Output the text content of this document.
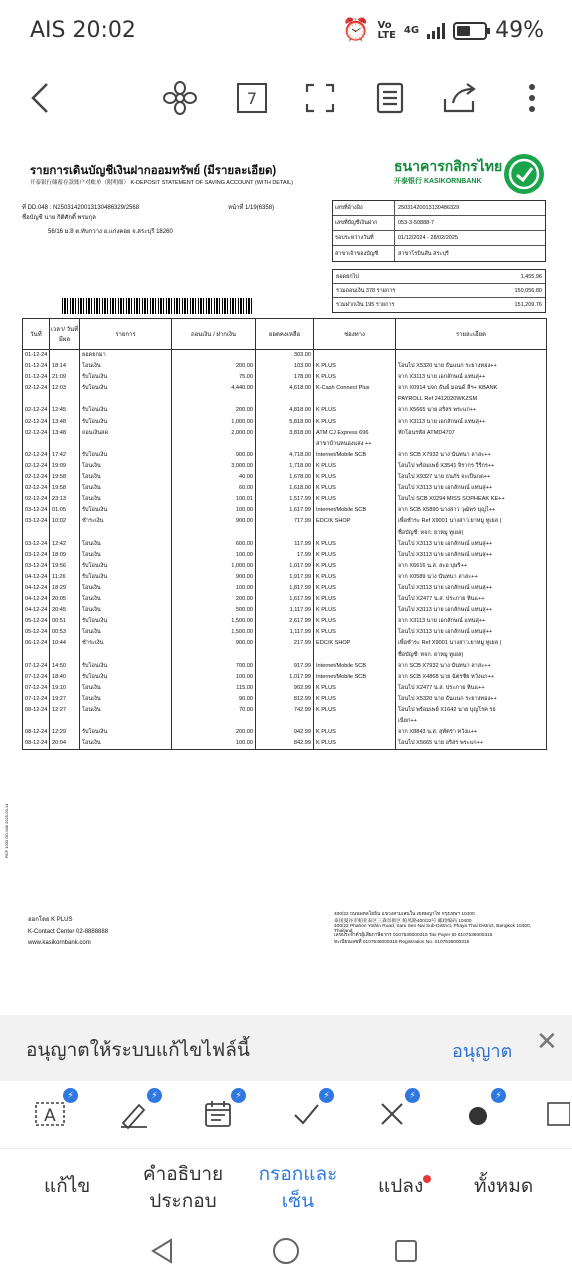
AIS 20:02	⏰ Vo
LTE 4G	49%
7
รายการเดินบัญชีเงินฝากออมทรัพย์ (มีรายละเอียด)
开泰银行储蓄存款账户对账单（附明细） K-DEPOSIT STATEMENT OF SAVING ACCOUNT (WITH DETAIL)
ธนาคารกสิกรไทย
开泰银行 KASIKORNBANK
ที่ DD.048 : N25031420013130486329/2568	หน้าที่ 1/19(6358)
ชื่อบัญชี นาย กิติศักดิ์ พรมกุล
56/16 ม.8 ต.ทับกวาง อ.แก่งคอย จ.สระบุรี 18260
เลขที่อ้างอิง	25031420013130486329
เลขที่บัญชีเงินฝาก	053-3-50888-7
รอบระหว่างวันที่	01/12/2024 - 28/02/2025
สาขาเจ้าของบัญชี	สาขาโรบินสัน สระบุรี
ยอดยกไป	1,455.96
รวมถอนเงิน 378 รายการ	150,056.80
รวมฝากเงิน 195 รายการ	151,209.76
วันที่	เวลา/ วันที่มีผล	รายการ	ถอนเงิน / ฝากเงิน	ยอดคงเหลือ	ช่องทาง	รายละเอียด
01-12-24		ยอดยกมา		303.00		
01-12-24	18:14	โอนเงิน	200.00	103.00	K PLUS	โอนไป X5320 นาย ธันแนก ระยางทอง++
01-12-24	21:09	รับโอนเงิน	75.00	178.00	K PLUS	จาก X3113 นาย เอกลักษณ์ แทนสุ++
02-12-24	12:03	รับโอนเงิน	4,440.00	4,618.00	K-Cash Connect Plus	จาก X0914 บจก.ธันย์ มอนด์ ลีฯ+ KBANK
						PAYROLL Ref 2412020WKZSM
02-12-24	12:45	รับโอนเงิน	200.00	4,818.00	K PLUS	จาก X5665 นาย อริสร พระแก++
02-12-24	13:48	รับโอนเงิน	1,000.00	5,818.00	K PLUS	จาก X3113 นาย เอกลักษณ์ แทนสุ++
02-12-24	13:48	ถอนเงินสด	2,000.00	3,818.00	ATM CJ Express 696	หักโอนรหัส ATMD4707
					สาขาบ้านหนองแสง ++	
02-12-24	17:42	รับโอนเงิน	900.00	4,718.00	Internet/Mobile SCB	จาก SCB X7932 นาง นันทนา ลาสะ++
02-12-24	19:09	โอนเงิน	3,000.00	1,718.00	K PLUS	โอนไป พร้อมเพย์ X3541 จิรากร วีรีกร++
02-12-24	19:58	โอนเงิน	40.00	1,678.00	K PLUS	โอนไป X9327 นาย ธนภัร จะเป็นกด++
02-12-24	19:58	โอนเงิน	60.00	1,618.00	K PLUS	โอนไป X3113 นาย เอกลักษณ์ แทนสุ++
02-12-24	23:13	โอนเงิน	100.01	1,517.99	K PLUS	โอนไป SCB X0294 MISS SOPHEAK KE++
03-12-24	01:05	รับโอนเงิน	100.00	1,617.99	Internet/Mobile SCB	จาก SCB X5890 นางสาว วุฒิพร บุญไ++
03-12-24	10:02	ชำระเงิน	900.00	717.99	EDC/K SHOP	เพื่อชำระ Ref X9001 นางสาว.ยาหมู ทูเยล (
						ชื่อบัญชี: หจก. ยาหมู ทูเยล)
03-12-24	12:42	โอนเงิน	600.00	117.99	K PLUS	โอนไป X3113 นาย เอกลักษณ์ แทนสุ++
03-12-24	18:09	โอนเงิน	100.00	17.99	K PLUS	โอนไป X3113 นาย เอกลักษณ์ แทนสุ++
03-12-24	19:56	รับโอนเงิน	1,000.00	1,017.99	K PLUS	จาก X6616 น.ส. สะอ บุษริ++
04-12-24	11:26	รับโอนเงิน	900.00	1,917.99	K PLUS	จาก X0589 นาง นันทนา ลาสะ++
04-12-24	18:29	โอนเงิน	100.00	1,817.99	K PLUS	โอนไป X3113 นาย เอกลักษณ์ แทนสุ++
04-12-24	20:05	โอนเงิน	200.00	1,617.99	K PLUS	โอนไป X2477 น.ส. ประภาย หินแ++
04-12-24	20:45	โอนเงิน	500.00	1,117.99	K PLUS	โอนไป X3113 นาย เอกลักษณ์ แทนสุ++
05-12-24	00:51	รับโอนเงิน	1,500.00	2,617.99	K PLUS	จาก X3113 นาย เอกลักษณ์ แทนสุ++
05-12-24	00:53	โอนเงิน	1,500.00	1,117.99	K PLUS	โอนไป X3113 นาย เอกลักษณ์ แทนสุ++
06-12-24	10:44	ชำระเงิน	900.00	217.99	EDC/K SHOP	เพื่อชำระ Ref X9001 นางสาว.ยาหมู ทูเยล (
						ชื่อบัญชี: หจก. ยาหมู ทูเยล)
07-12-24	14:50	รับโอนเงิน	700.00	917.99	Internet/Mobile SCB	จาก SCB X7932 นาง นันทนา ลาสะ++
07-12-24	18:40	รับโอนเงิน	100.00	1,017.99	Internet/Mobile SCB	จาก SCB X4868 นาย ฉัตรชัย หวังแก++
07-12-24	19:10	โอนเงิน	115.00	902.99	K PLUS	โอนไป X2477 น.ส. ประภาย หินแ++
07-12-24	19:27	โอนเงิน	90.00	812.99	K PLUS	โอนไป X5320 นาย ธันแนก ระยางทอง++
08-12-24	12:27	โอนเงิน	70.00	742.99	K PLUS	โอนไป พร้อมเพย์ X1642 นาย บุญโรค รธ
						เนียก++
08-12-24	12:29	รับโอนเงิน	200.00	942.99	K PLUS	จาก X8843 น.ส. สุพัตรา หวังแ++
08-12-24	20:04	โอนเงิน	100.00	842.99	K PLUS	โอนไป X5665 นาย อริสร พระแก++
ออกโดย K PLUS
K-Contact Center 02-8888888
www.kasikornbank.com
400/22 ถนนพหลโยธิน แขวงสามเสนใน เขตพญาไท กรุงเทพฯ 10400
泰国曼谷市帕亚泰区三森奈街区 帕凤路400/22号 邮政编码 10400
400/22 Phahon Yothin Road, Sam Sen Nai Sub-District, Phaya Thai District, Bangkok 10400, Thailand
เลขประจำตัวผู้เสียภาษีอากร 0107536000315 Tax Payer ID 0107536000315
ทะเบียนเลขที่ 0107536000315 Registration No. 0107536000315
RCF 1030 DD.048 2025-03-14
อนุญาตให้ระบบแก้ไขไฟล์นี้	อนุญาต ✕
A
⚡	⚡	⚡	⚡	⚡	⚡
แก้ไข
คำอธิบาย ประกอบ
กรอกและ เซ็น
แปลง	ทั้งหมด
